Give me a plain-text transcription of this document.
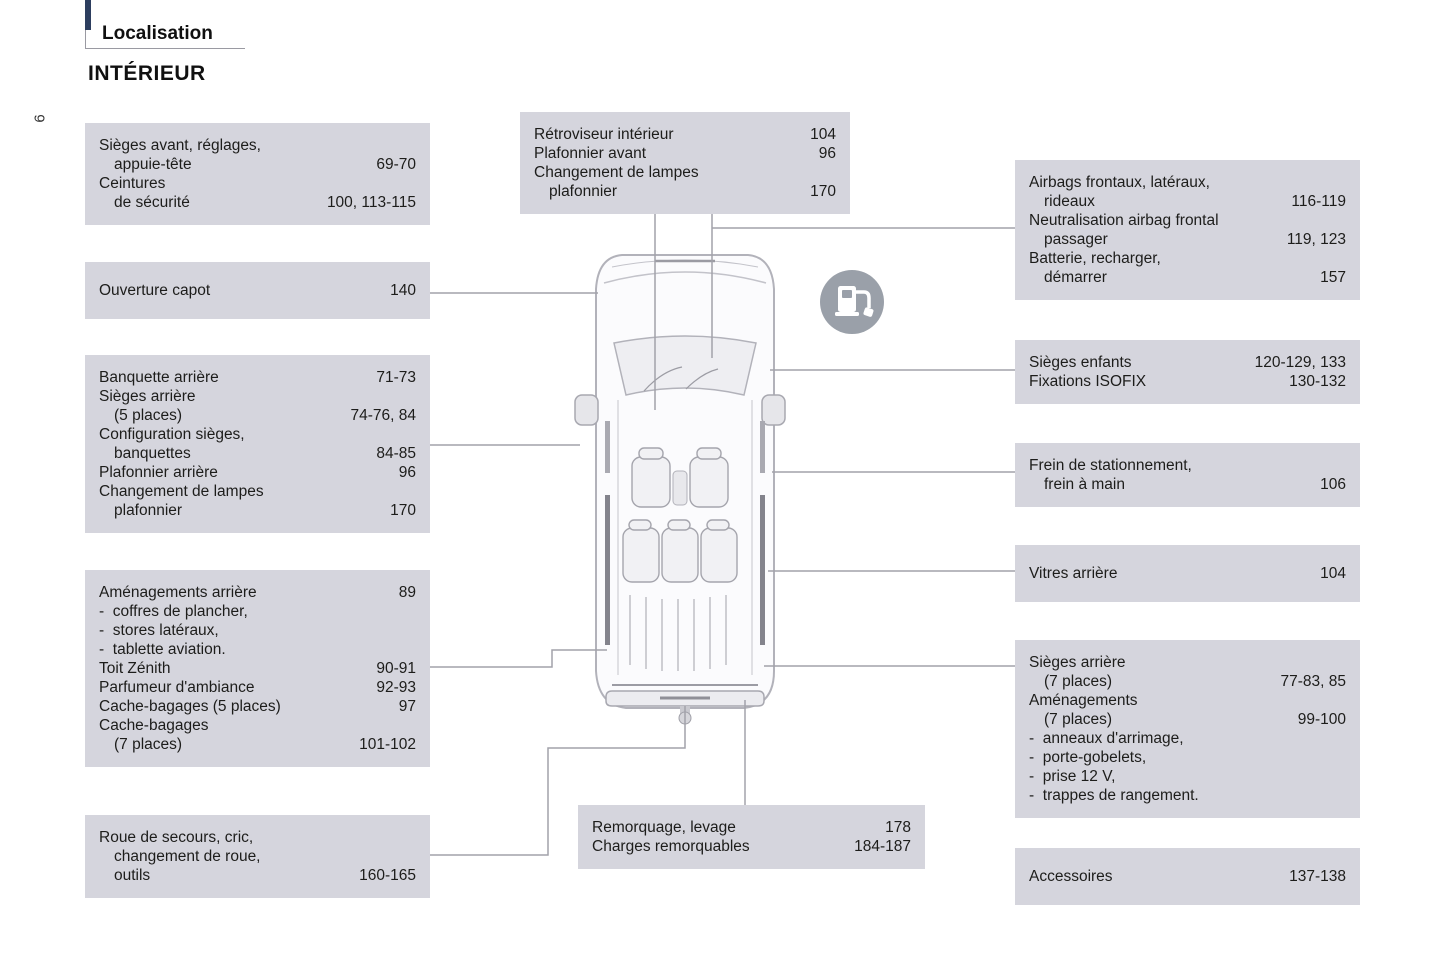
Localisation
INTÉRIEUR
6
Sièges avant, réglages,
appuie-tête	69-70
Ceintures
de sécurité	100, 113-115
Ouverture capot	140
Banquette arrière	71-73
Sièges arrière
(5 places)	74-76, 84
Configuration sièges,
banquettes	84-85
Plafonnier arrière	96
Changement de lampes
plafonnier	170
Aménagements arrière	89
-  coffres de plancher,
-  stores latéraux,
-  tablette aviation.
Toit Zénith	90-91
Parfumeur d'ambiance	92-93
Cache-bagages (5 places)	97
Cache-bagages
(7 places)	101-102
Roue de secours, cric,
changement de roue,
outils	160-165
Rétroviseur intérieur	104
Plafonnier avant	96
Changement de lampes
plafonnier	170
Remorquage, levage	178
Charges remorquables	184-187
Airbags frontaux, latéraux,
rideaux	116-119
Neutralisation airbag frontal
passager	119, 123
Batterie, recharger,
démarrer	157
Sièges enfants	120-129, 133
Fixations ISOFIX	130-132
Frein de stationnement,
frein à main	106
Vitres arrière	104
Sièges arrière
(7 places)	77-83, 85
Aménagements
(7 places)	99-100
-  anneaux d'arrimage,
-  porte-gobelets,
-  prise 12 V,
-  trappes de rangement.
Accessoires	137-138
